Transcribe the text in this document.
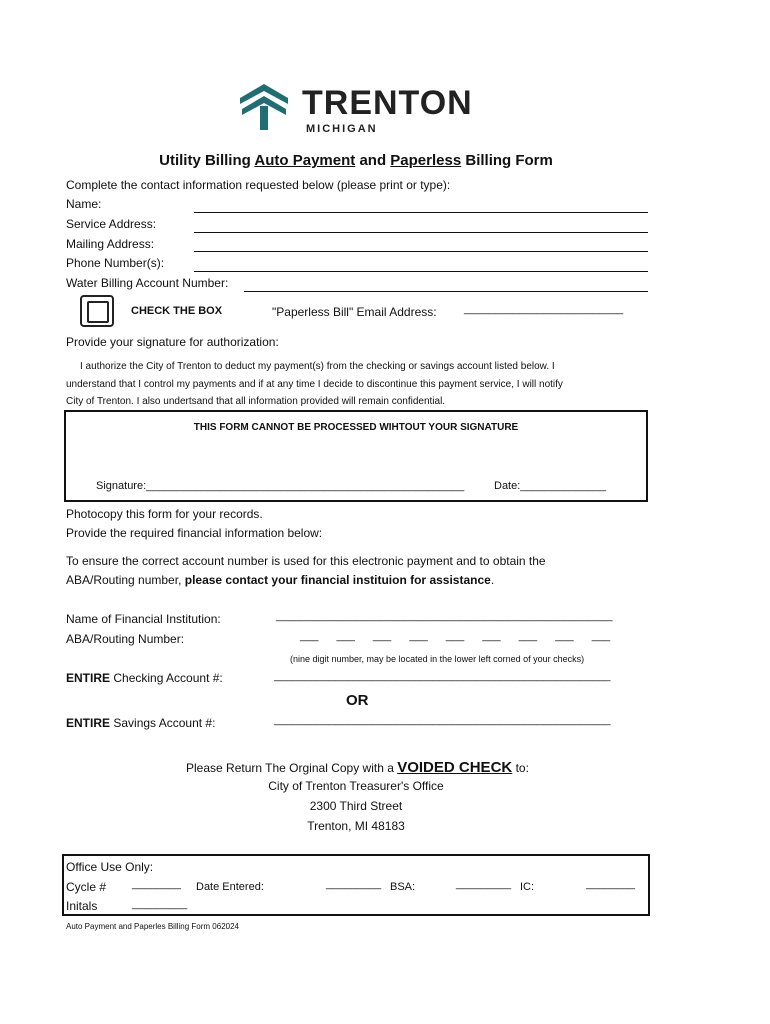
TRENTON
MICHIGAN
Utility Billing Auto Payment and Paperless Billing Form
Complete the contact information requested below (please print or type):
Name:
Service Address:
Mailing Address:
Phone Number(s):
Water Billing Account Number:
CHECK THE BOX	"Paperless Bill" Email Address: __________________________
Provide your signature for authorization:
I authorize the City of Trenton to deduct my payment(s) from the checking or savings account listed below. I
understand that I control my payments and if at any time I decide to discontinue this payment service, I will notify
City of Trenton. I also undertsand that all information provided will remain confidential.
THIS FORM CANNOT BE PROCESSED WIHTOUT YOUR SIGNATURE
Signature:____________________________________________________	Date:______________
Photocopy this form for your records.
Provide the required financial information below:
To ensure the correct account number is used for this electronic payment and to obtain the
ABA/Routing number, please contact your financial instituion for assistance.
Name of Financial Institution:	_______________________________________________________
ABA/Routing Number:	___  ___  ___  ___  ___  ___  ___  ___  ___
(nine digit number, may be located in the lower left corned of your checks)
ENTIRE Checking Account #:	_______________________________________________________
OR
ENTIRE Savings Account #:	_______________________________________________________
Please Return The Orginal Copy with a VOIDED CHECK to:
City of Trenton Treasurer's Office
2300 Third Street
Trenton, MI 48183
Office Use Only:
Cycle # ________ Date Entered:	_________ BSA:	_________ IC:	________
Initals	_________
Auto Payment and Paperles Billing Form 062024
